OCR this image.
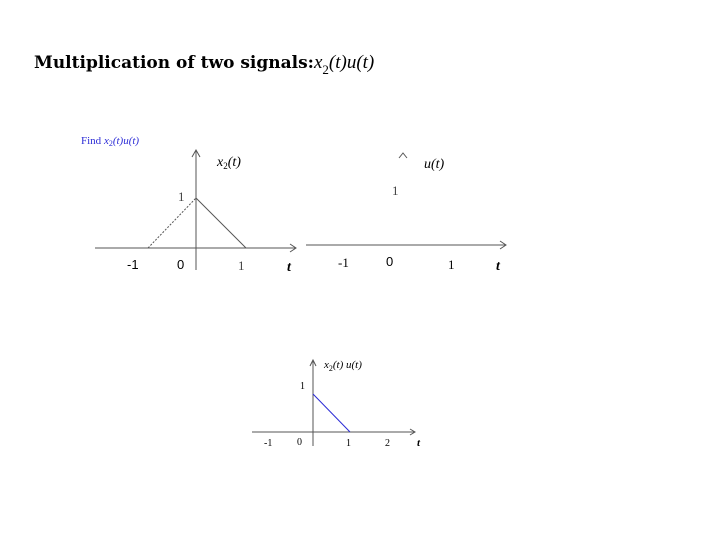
Multiplication of two $signals:x_2(t)u(t)$
Find $x_2(t)u(t)$
$x_2(t)$
1
-1	0	1	t
u(t)
1
-1	0	1	t
$x_2(t)$ u(t)
1
-1 0	1	2 t
